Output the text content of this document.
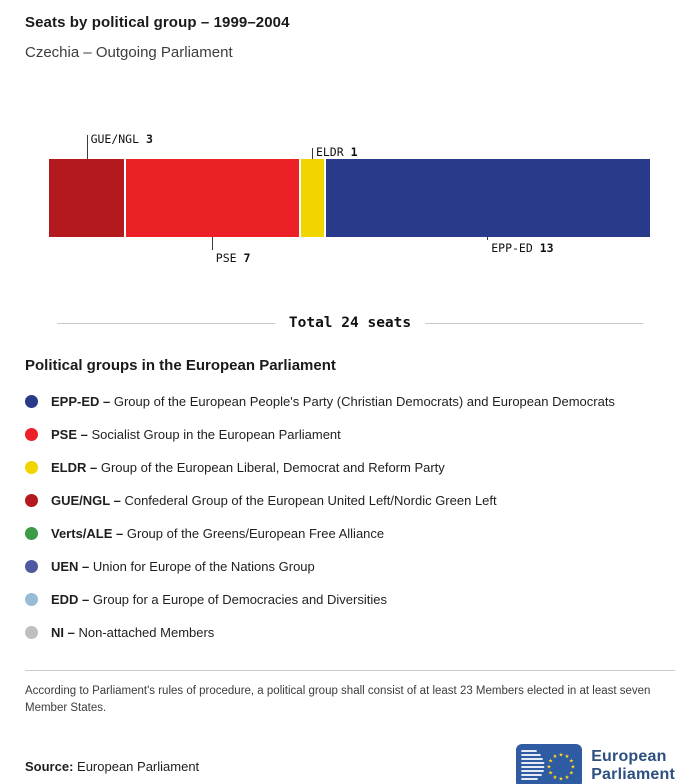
Seats by political group – 1999–2004
Czechia – Outgoing Parliament
GUE/NGL 3
ELDR 1
PSE 7
EPP-ED 13
Total 24 seats
Political groups in the European Parliament
EPP-ED – Group of the European People's Party (Christian Democrats) and European Democrats
PSE – Socialist Group in the European Parliament
ELDR – Group of the European Liberal, Democrat and Reform Party
GUE/NGL – Confederal Group of the European United Left/Nordic Green Left
Verts/ALE – Group of the Greens/European Free Alliance
UEN – Union for Europe of the Nations Group
EDD – Group for a Europe of Democracies and Diversities
NI – Non-attached Members
According to Parliament's rules of procedure, a political group shall consist of at least 23 Members elected in at least seven Member States.
Source: European Parliament
★ ★
★
★
★
★
★
★
★
★
★
★ European
Parliament
